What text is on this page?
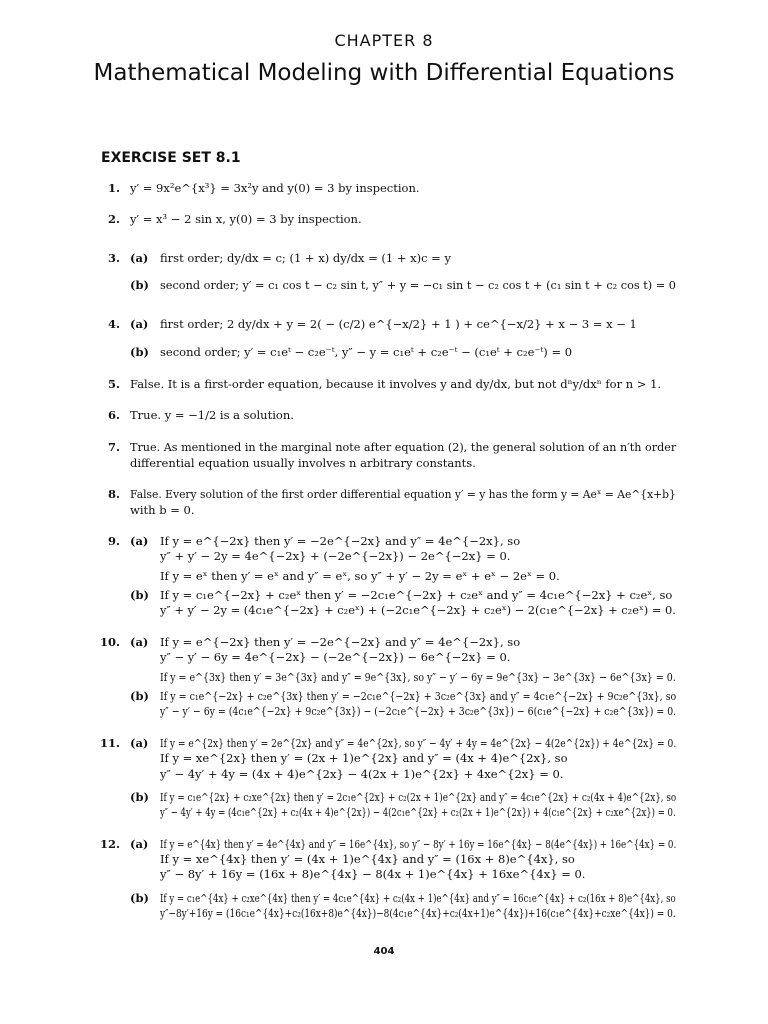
CHAPTER 8
Mathematical Modeling with Differential Equations
EXERCISE SET 8.1
1. y′ = 9x²e^{x³} = 3x²y and y(0) = 3 by inspection.
2. y′ = x³ − 2 sin x, y(0) = 3 by inspection.
3. (a) first order; dy/dx = c; (1 + x) dy/dx = (1 + x)c = y
(b) second order; y′ = c₁ cos t − c₂ sin t, y″ + y = −c₁ sin t − c₂ cos t + (c₁ sin t + c₂ cos t) = 0
4. (a) first order; 2 dy/dx + y = 2( − (c/2) e^{−x/2} + 1 ) + ce^{−x/2} + x − 3 = x − 1
(b) second order; y′ = c₁eᵗ − c₂e⁻ᵗ, y″ − y = c₁eᵗ + c₂e⁻ᵗ − (c₁eᵗ + c₂e⁻ᵗ) = 0
5. False. It is a first-order equation, because it involves y and dy/dx, but not dⁿy/dxⁿ for n > 1.
6. True. y = −1/2 is a solution.
7. True. As mentioned in the marginal note after equation (2), the general solution of an n′th order
differential equation usually involves n arbitrary constants.
8. False. Every solution of the first order differential equation y′ = y has the form y = Aeˣ = Ae^{x+b}
with b = 0.
9. (a) If y = e^{−2x} then y′ = −2e^{−2x} and y″ = 4e^{−2x}, so
y″ + y′ − 2y = 4e^{−2x} + (−2e^{−2x}) − 2e^{−2x} = 0.
If y = eˣ then y′ = eˣ and y″ = eˣ, so y″ + y′ − 2y = eˣ + eˣ − 2eˣ = 0.
(b) If y = c₁e^{−2x} + c₂eˣ then y′ = −2c₁e^{−2x} + c₂eˣ and y″ = 4c₁e^{−2x} + c₂eˣ, so
y″ + y′ − 2y = (4c₁e^{−2x} + c₂eˣ) + (−2c₁e^{−2x} + c₂eˣ) − 2(c₁e^{−2x} + c₂eˣ) = 0.
10. (a) If y = e^{−2x} then y′ = −2e^{−2x} and y″ = 4e^{−2x}, so
y″ − y′ − 6y = 4e^{−2x} − (−2e^{−2x}) − 6e^{−2x} = 0.
If y = e^{3x} then y′ = 3e^{3x} and y″ = 9e^{3x}, so y″ − y′ − 6y = 9e^{3x} − 3e^{3x} − 6e^{3x} = 0.
(b) If y = c₁e^{−2x} + c₂e^{3x} then y′ = −2c₁e^{−2x} + 3c₂e^{3x} and y″ = 4c₁e^{−2x} + 9c₂e^{3x}, so
y″ − y′ − 6y = (4c₁e^{−2x} + 9c₂e^{3x}) − (−2c₁e^{−2x} + 3c₂e^{3x}) − 6(c₁e^{−2x} + c₂e^{3x}) = 0.
11. (a) If y = e^{2x} then y′ = 2e^{2x} and y″ = 4e^{2x}, so y″ − 4y′ + 4y = 4e^{2x} − 4(2e^{2x}) + 4e^{2x} = 0.
If y = xe^{2x} then y′ = (2x + 1)e^{2x} and y″ = (4x + 4)e^{2x}, so
y″ − 4y′ + 4y = (4x + 4)e^{2x} − 4(2x + 1)e^{2x} + 4xe^{2x} = 0.
(b) If y = c₁e^{2x} + c₂xe^{2x} then y′ = 2c₁e^{2x} + c₂(2x + 1)e^{2x} and y″ = 4c₁e^{2x} + c₂(4x + 4)e^{2x}, so
y″ − 4y′ + 4y = (4c₁e^{2x} + c₂(4x + 4)e^{2x}) − 4(2c₁e^{2x} + c₂(2x + 1)e^{2x}) + 4(c₁e^{2x} + c₂xe^{2x}) = 0.
12. (a) If y = e^{4x} then y′ = 4e^{4x} and y″ = 16e^{4x}, so y″ − 8y′ + 16y = 16e^{4x} − 8(4e^{4x}) + 16e^{4x} = 0.
If y = xe^{4x} then y′ = (4x + 1)e^{4x} and y″ = (16x + 8)e^{4x}, so
y″ − 8y′ + 16y = (16x + 8)e^{4x} − 8(4x + 1)e^{4x} + 16xe^{4x} = 0.
(b) If y = c₁e^{4x} + c₂xe^{4x} then y′ = 4c₁e^{4x} + c₂(4x + 1)e^{4x} and y″ = 16c₁e^{4x} + c₂(16x + 8)e^{4x}, so
y″−8y′+16y = (16c₁e^{4x}+c₂(16x+8)e^{4x})−8(4c₁e^{4x}+c₂(4x+1)e^{4x})+16(c₁e^{4x}+c₂xe^{4x}) = 0.
404
